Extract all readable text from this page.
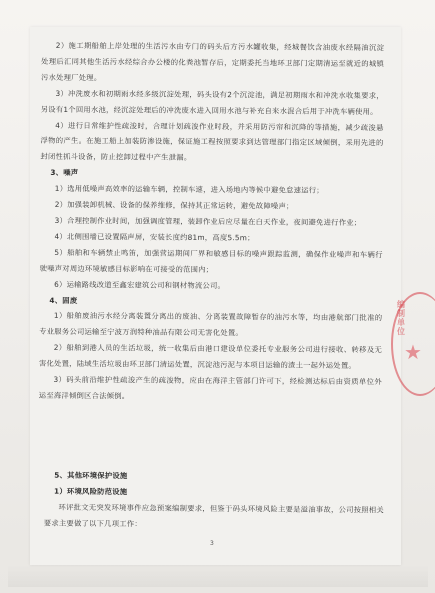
2）施工期船舶上岸处理的生活污水由专门的码头后方污水罐收集，经城餐饮含油废水经隔油沉淀处理后汇同其他生活污水经综合办公楼的化粪池暂存后，定期委托当地环卫部门定期清运至就近的城镇污水处理厂处理。

3）冲洗废水和初期雨水经多级沉淀处理，码头设有2个沉淀池，满足初期雨水和冲洗水收集要求，另设有1个回用水池，经沉淀处理后的冲洗废水进入回用水池与补充自来水混合后用于冲洗车辆使用。

4）进行日常维护性疏浚时，合理计划疏浚作业时段，并采用防污帘和沉降的等措施，减少疏浚悬浮物的产生。在施工船上加装防渗设施，保证施工程按照要求到达管理部门指定区域倾倒，采用先进的封闭性抓斗设备，防止挖卸过程中产生泄漏。

3、噪声

1）选用低噪声高效率的运输车辆，控制车速，进入场地内等候中避免怠速运行；

2）加强装卸机械、设备的保养维修，保持其正常运转，避免故障噪声；

3）合理控制作业时间，加强调度管理，装卸作业后应尽量在白天作业，夜间避免进行作业；

4）北侧围墙已设置隔声屏，安装长度约81m，高度5.5m；

5）船舶和车辆禁止鸣笛，加强营运期间厂界和敏感目标的噪声跟踪监测，确保作业噪声和车辆行驶噪声对周边环境敏感目标影响在可接受的范围内；

6）运输路线改道至鑫宏建筑公司和钢材物流公司。

4、固废

1）船舶废油污水经分离装置分离出的废油、分离装置故障暂存的油污水等，均由港航部门批准的专业服务公司运输至宁波万润特种油品有限公司无害化处置。

2）船舶到港人员的生活垃圾，统一收集后由港口建设单位委托专业服务公司进行接收、转移及无害化处置，陆域生活垃圾由环卫部门清运处置，沉淀池污泥与本项目运输的渣土一起外运处置。

3）码头前沿维护性疏浚产生的疏浚物，应由在海洋主管部门许可下，经检测达标后由资质单位外运至海洋倾倒区合法倾倒。

5、其他环境保护设施

1）环境风险防范设施

环评批文无突发环境事件应急预案编制要求，但鉴于码头环境风险主要是溢油事故，公司按照相关要求主要做了以下几项工作：

3
编制单位
★
